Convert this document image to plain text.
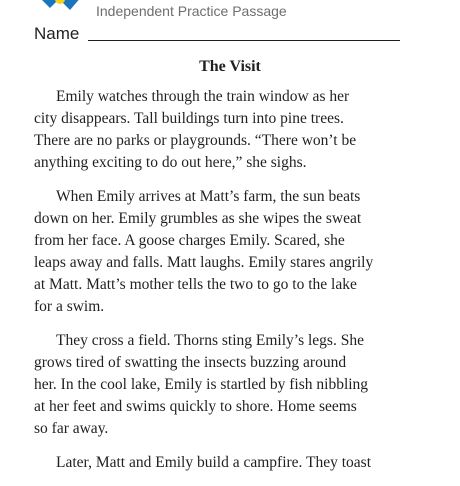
Independent Practice Passage
Name
The Visit

Emily watches through the train window as her
city disappears. Tall buildings turn into pine trees.
There are no parks or playgrounds. “There won’t be
anything exciting to do out here,” she sighs.

When Emily arrives at Matt’s farm, the sun beats
down on her. Emily grumbles as she wipes the sweat
from her face. A goose charges Emily. Scared, she
leaps away and falls. Matt laughs. Emily stares angrily
at Matt. Matt’s mother tells the two to go to the lake
for a swim.

They cross a field. Thorns sting Emily’s legs. She
grows tired of swatting the insects buzzing around
her. In the cool lake, Emily is startled by fish nibbling
at her feet and swims quickly to shore. Home seems
so far away.

Later, Matt and Emily build a campfire. They toast
